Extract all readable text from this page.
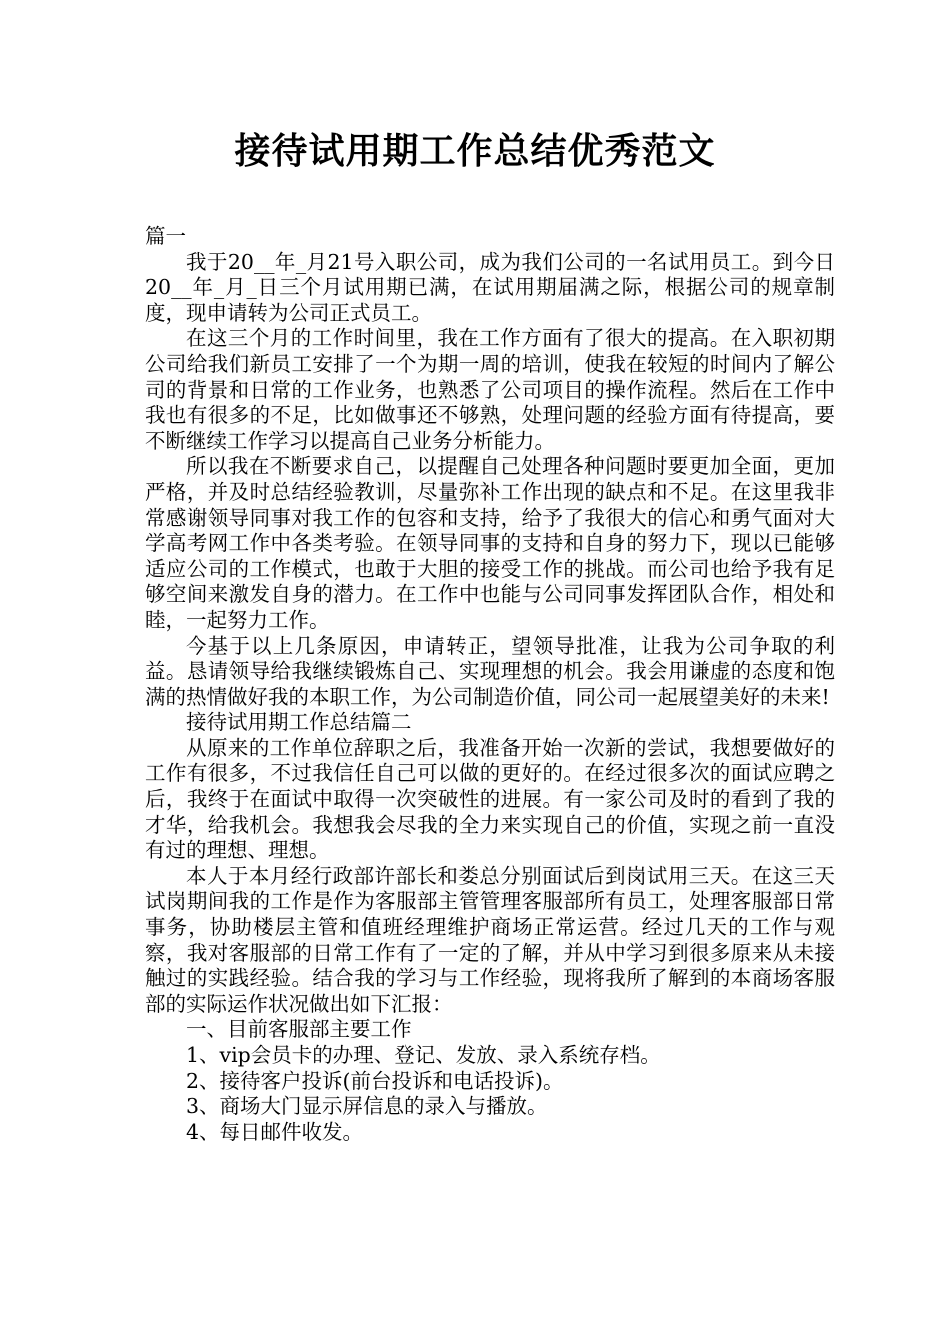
接待试用期工作总结优秀范文

篇一

我于20__年_月21号入职公司，成为我们公司的一名试用员工。到今日20__年_月_日三个月试用期已满，在试用期届满之际，根据公司的规章制度，现申请转为公司正式员工。

在这三个月的工作时间里，我在工作方面有了很大的提高。在入职初期公司给我们新员工安排了一个为期一周的培训，使我在较短的时间内了解公司的背景和日常的工作业务，也熟悉了公司项目的操作流程。然后在工作中我也有很多的不足，比如做事还不够熟，处理问题的经验方面有待提高，要不断继续工作学习以提高自己业务分析能力。

所以我在不断要求自己，以提醒自己处理各种问题时要更加全面，更加严格，并及时总结经验教训，尽量弥补工作出现的缺点和不足。在这里我非常感谢领导同事对我工作的包容和支持，给予了我很大的信心和勇气面对大学高考网工作中各类考验。在领导同事的支持和自身的努力下，现以已能够适应公司的工作模式，也敢于大胆的接受工作的挑战。而公司也给予我有足够空间来激发自身的潜力。在工作中也能与公司同事发挥团队合作，相处和睦，一起努力工作。

今基于以上几条原因，申请转正，望领导批准，让我为公司争取的利益。恳请领导给我继续锻炼自己、实现理想的机会。我会用谦虚的态度和饱满的热情做好我的本职工作，为公司制造价值，同公司一起展望美好的未来!

接待试用期工作总结篇二

从原来的工作单位辞职之后，我准备开始一次新的尝试，我想要做好的工作有很多，不过我信任自己可以做的更好的。在经过很多次的面试应聘之后，我终于在面试中取得一次突破性的进展。有一家公司及时的看到了我的才华，给我机会。我想我会尽我的全力来实现自己的价值，实现之前一直没有过的理想、理想。

本人于本月经行政部许部长和娄总分别面试后到岗试用三天。在这三天试岗期间我的工作是作为客服部主管管理客服部所有员工，处理客服部日常事务，协助楼层主管和值班经理维护商场正常运营。经过几天的工作与观察，我对客服部的日常工作有了一定的了解，并从中学习到很多原来从未接触过的实践经验。结合我的学习与工作经验，现将我所了解到的本商场客服部的实际运作状况做出如下汇报：

一、目前客服部主要工作

1、vip会员卡的办理、登记、发放、录入系统存档。

2、接待客户投诉(前台投诉和电话投诉)。

3、商场大门显示屏信息的录入与播放。

4、每日邮件收发。
